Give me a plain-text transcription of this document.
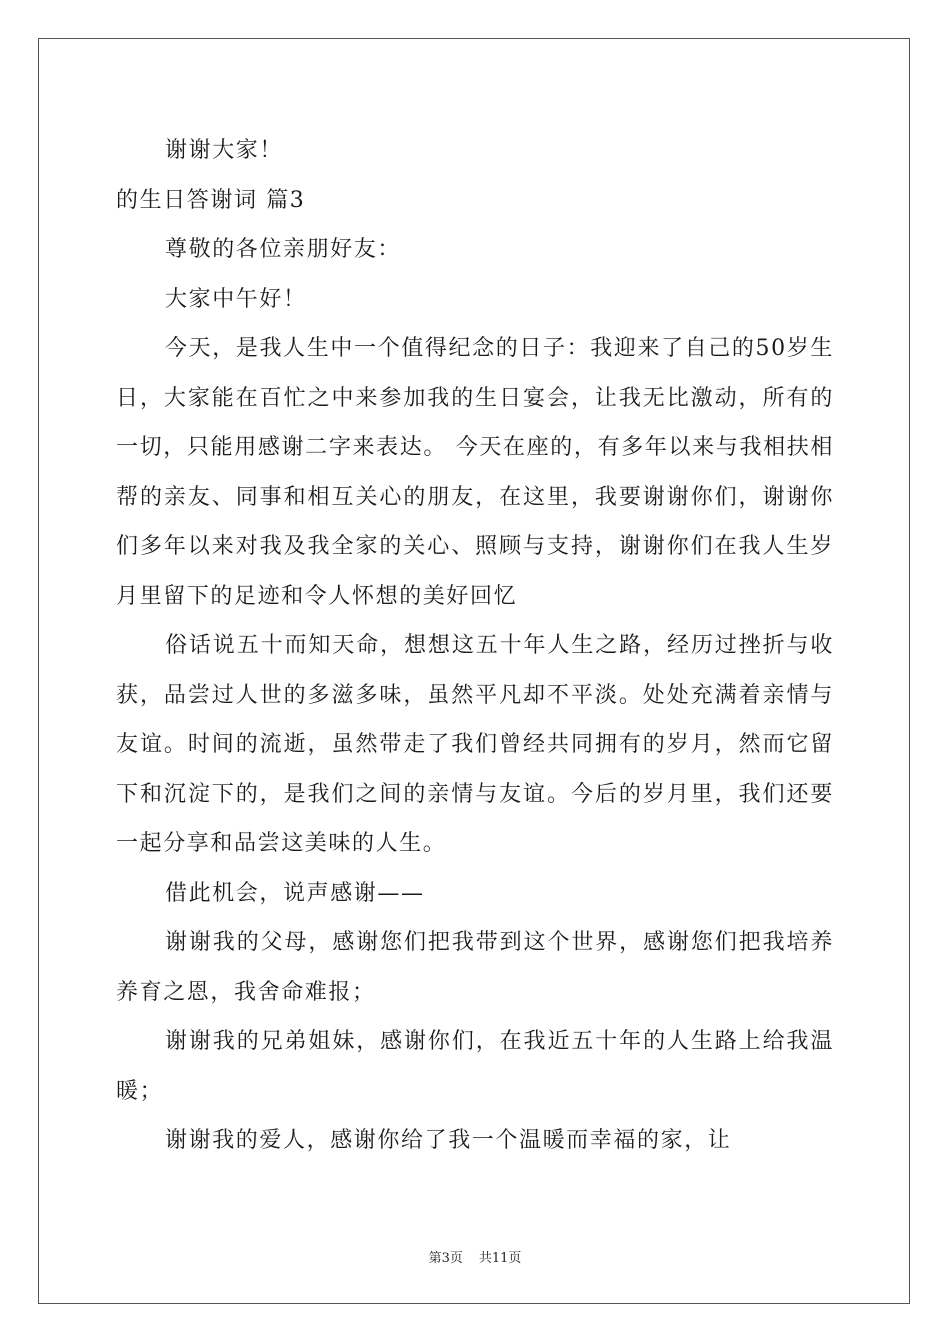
谢谢大家！

的生日答谢词 篇3

尊敬的各位亲朋好友：

大家中午好！

今天，是我人生中一个值得纪念的日子：我迎来了自己的50岁生日，大家能在百忙之中来参加我的生日宴会，让我无比激动，所有的一切，只能用感谢二字来表达。 今天在座的，有多年以来与我相扶相帮的亲友、同事和相互关心的朋友，在这里，我要谢谢你们，谢谢你们多年以来对我及我全家的关心、照顾与支持，谢谢你们在我人生岁月里留下的足迹和令人怀想的美好回忆

俗话说五十而知天命，想想这五十年人生之路，经历过挫折与收获，品尝过人世的多滋多味，虽然平凡却不平淡。处处充满着亲情与友谊。时间的流逝，虽然带走了我们曾经共同拥有的岁月，然而它留下和沉淀下的，是我们之间的亲情与友谊。今后的岁月里，我们还要一起分享和品尝这美味的人生。

借此机会，说声感谢——

谢谢我的父母，感谢您们把我带到这个世界，感谢您们把我培养养育之恩，我舍命难报；

谢谢我的兄弟姐妹，感谢你们，在我近五十年的人生路上给我温暖；

谢谢我的爱人，感谢你给了我一个温暖而幸福的家，让

第3页 共11页
